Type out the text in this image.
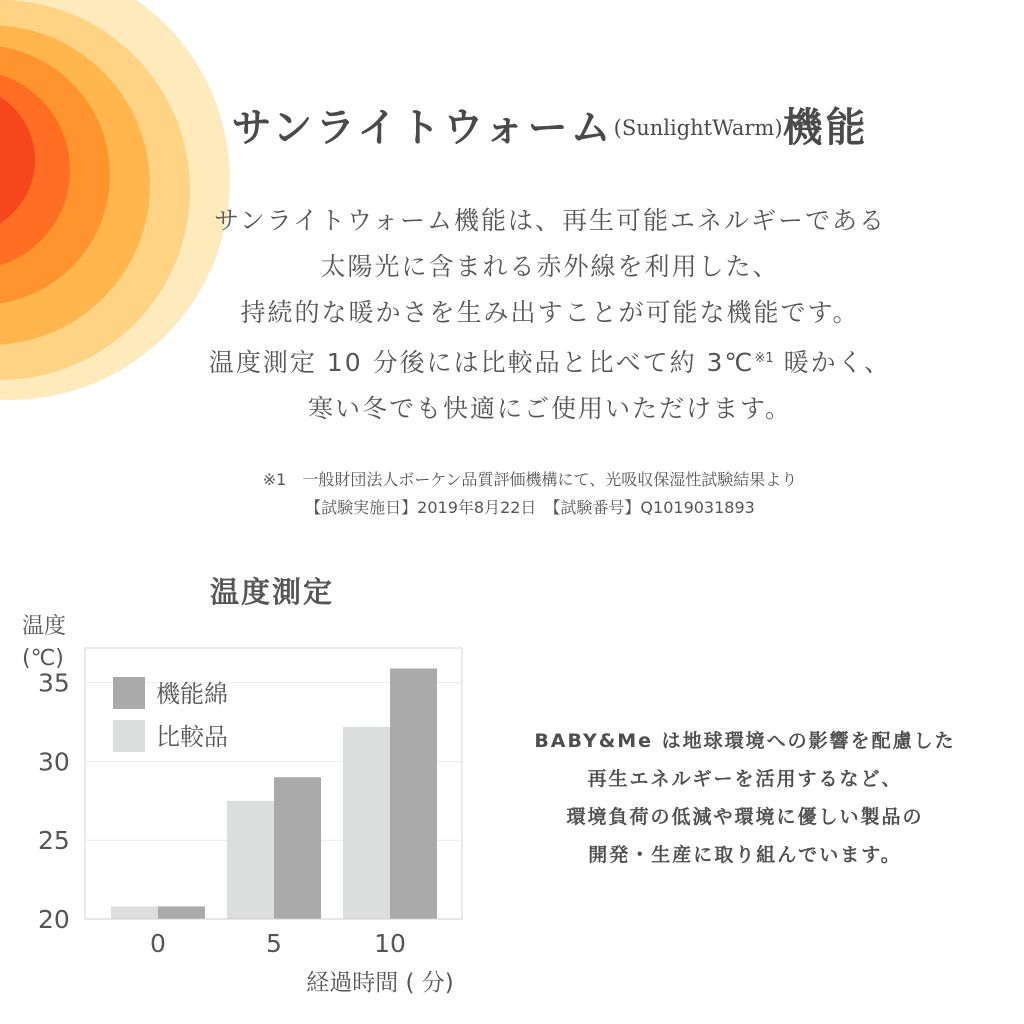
サンライトウォーム(SunlightWarm)機能

サンライトウォーム機能は、再生可能エネルギーである

太陽光に含まれる赤外線を利用した、

持続的な暖かさを生み出すことが可能な機能です。

温度測定 10 分後には比較品と比べて約 3℃$^{※1}$ 暖かく、

寒い冬でも快適にご使用いただけます。

※1　一般財団法人ボーケン品質評価機構にて、光吸収保湿性試験結果より

【試験実施日】2019年8月22日　【試験番号】Q1019031893

温度測定
温度
(℃)
20
25
30
35
0	5	10
機能綿
比較品
経過時間 ( 分)

BABY&Me は地球環境への影響を配慮した

再生エネルギーを活用するなど、

環境負荷の低減や環境に優しい製品の

開発・生産に取り組んでいます。
